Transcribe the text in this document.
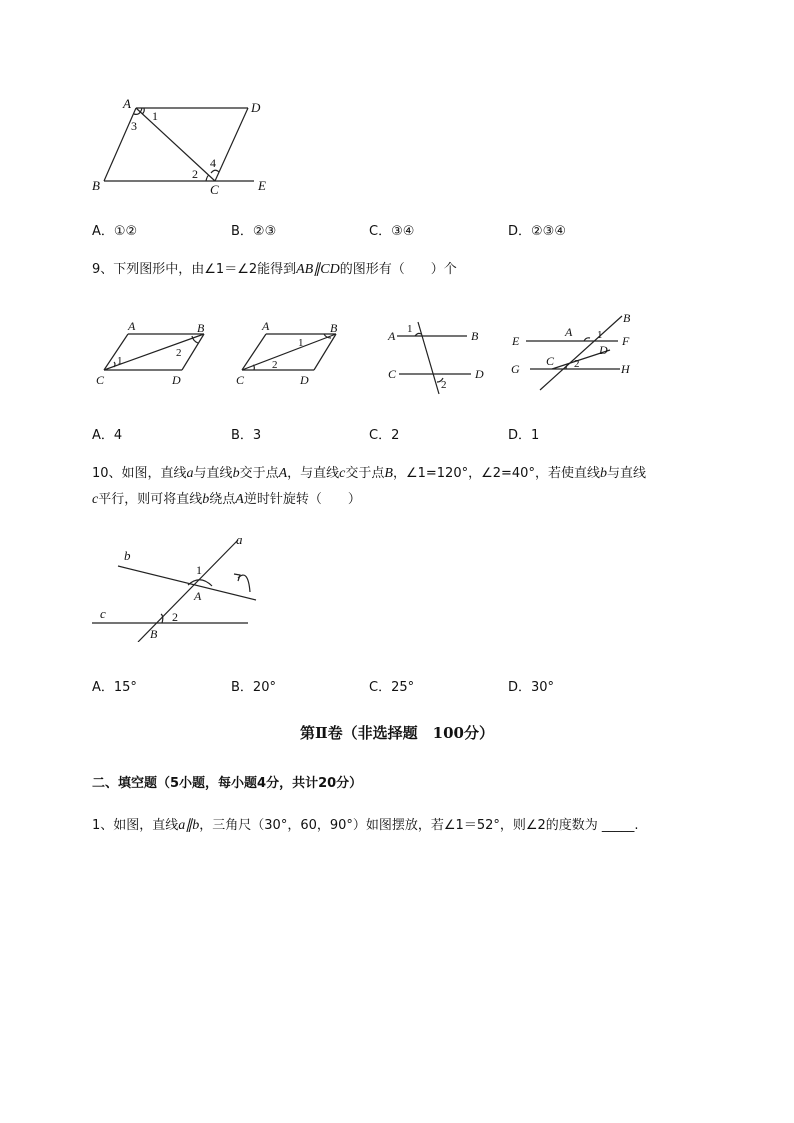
A	D
B	C	E
1
3
2
4
A．①②	B．②③	C．③④	D．②③④
9、下列图形中，由∠1＝∠2能得到AB∥CD的图形有（　　）个
A	B
C	D
1
2
A	B
C	D
1
2
A	B
C	D
1
2
A
B
E	F
C
D
G	H
1
2
A．4	B．3	C．2	D．1
10、如图，直线a与直线b交于点A，与直线c交于点B，∠1=120°，∠2=40°，若使直线b与直线
c平行，则可将直线b绕点A逆时针旋转（　　）
a
b
c
A
B
1
2
A．15°	B．20°	C．25°	D．30°
第Ⅱ卷（非选择题　100分）
二、填空题（5小题，每小题4分，共计20分）
1、如图，直线a∥b，三角尺（30°，60，90°）如图摆放，若∠1＝52°，则∠2的度数为 _____.
